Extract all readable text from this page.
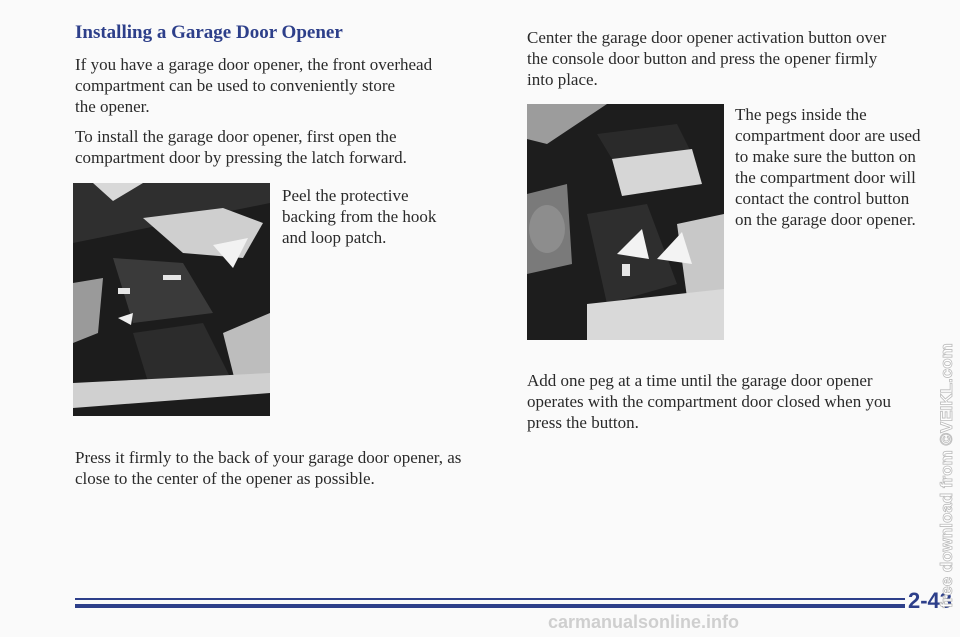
Installing a Garage Door Opener
If you have a garage door opener, the front overhead
compartment can be used to conveniently store
the opener.
To install the garage door opener, first open the
compartment door by pressing the latch forward.
Peel the protective
backing from the hook
and loop patch.
Press it firmly to the back of your garage door opener, as
close to the center of the opener as possible.
Center the garage door opener activation button over
the console door button and press the opener firmly
into place.
The pegs inside the
compartment door are used
to make sure the button on
the compartment door will
contact the control button
on the garage door opener.
Add one peg at a time until the garage door opener
operates with the compartment door closed when you
press the button.
2-43
free download from ©VEIKL.com
carmanualsonline.info
